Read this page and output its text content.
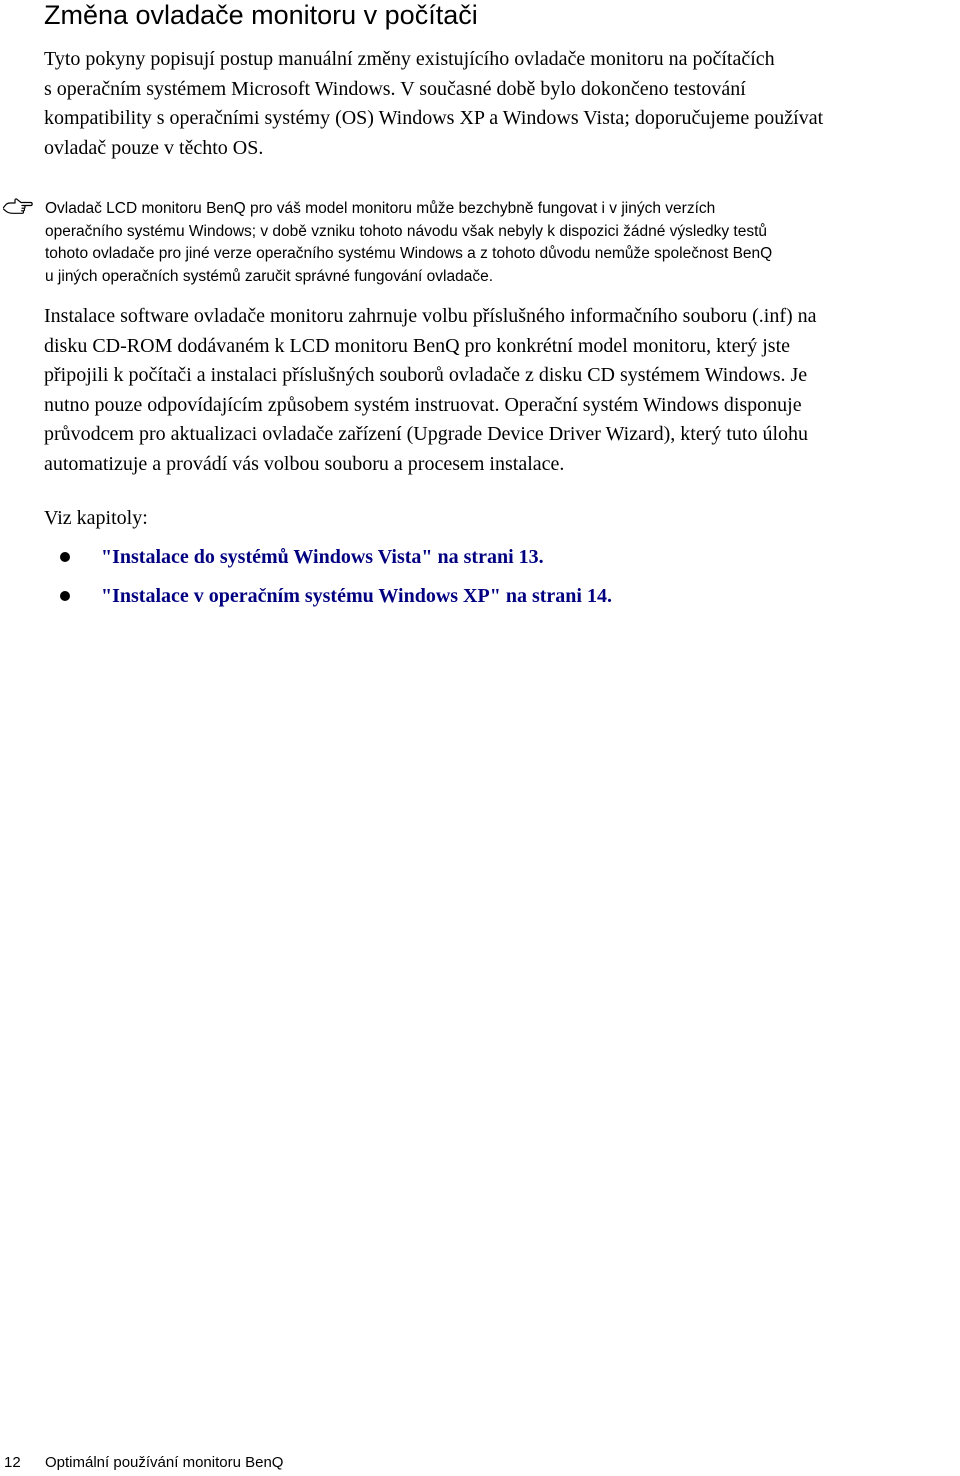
Změna ovladače monitoru v počítači

Tyto pokyny popisují postup manuální změny existujícího ovladače monitoru na počítačích
s operačním systémem Microsoft Windows. V současné době bylo dokončeno testování
kompatibility s operačními systémy (OS) Windows XP a Windows Vista; doporučujeme používat
ovladač pouze v těchto OS.

Ovladač LCD monitoru BenQ pro váš model monitoru může bezchybně fungovat i v jiných verzích
operačního systému Windows; v době vzniku tohoto návodu však nebyly k dispozici žádné výsledky testů
tohoto ovladače pro jiné verze operačního systému Windows a z tohoto důvodu nemůže společnost BenQ
u jiných operačních systémů zaručit správné fungování ovladače.

Instalace software ovladače monitoru zahrnuje volbu příslušného informačního souboru (.inf) na
disku CD-ROM dodávaném k LCD monitoru BenQ pro konkrétní model monitoru, který jste
připojili k počítači a instalaci příslušných souborů ovladače z disku CD systémem Windows. Je
nutno pouze odpovídajícím způsobem systém instruovat. Operační systém Windows disponuje
průvodcem pro aktualizaci ovladače zařízení (Upgrade Device Driver Wizard), který tuto úlohu
automatizuje a provádí vás volbou souboru a procesem instalace.

Viz kapitoly:

"Instalace do systémů Windows Vista" na strani 13.
"Instalace v operačním systému Windows XP" na strani 14.
12 Optimální používání monitoru BenQ
